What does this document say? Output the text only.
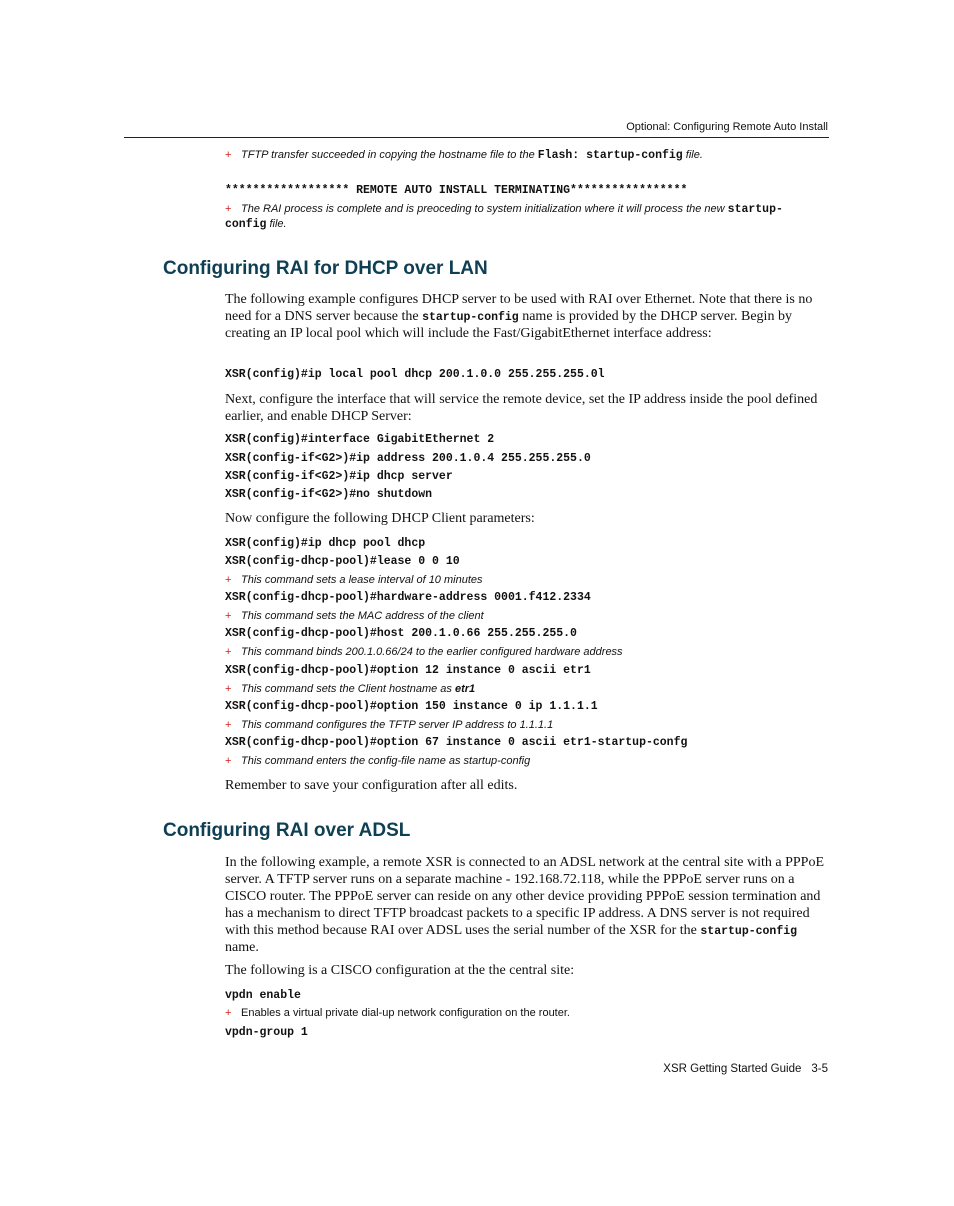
Optional: Configuring Remote Auto Install
+ TFTP transfer succeeded in copying the hostname file to the Flash: startup-config file.
****************** REMOTE AUTO INSTALL TERMINATING*****************
+ The RAI process is complete and is preoceding to system initialization where it will process the new startup-
config file.
Configuring RAI for DHCP over LAN
The following example configures DHCP server to be used with RAI over Ethernet. Note that there is no need for a DNS server because the startup-config name is provided by the DHCP server. Begin by creating an IP local pool which will include the Fast/GigabitEthernet interface address:
XSR(config)#ip local pool dhcp 200.1.0.0 255.255.255.0l
Next, configure the interface that will service the remote device, set the IP address inside the pool defined earlier, and enable DHCP Server:
XSR(config)#interface GigabitEthernet 2
XSR(config-if<G2>)#ip address 200.1.0.4 255.255.255.0
XSR(config-if<G2>)#ip dhcp server
XSR(config-if<G2>)#no shutdown
Now configure the following DHCP Client parameters:
XSR(config)#ip dhcp pool dhcp
XSR(config-dhcp-pool)#lease 0 0 10
+ This command sets a lease interval of 10 minutes
XSR(config-dhcp-pool)#hardware-address 0001.f412.2334
+ This command sets the MAC address of the client
XSR(config-dhcp-pool)#host 200.1.0.66 255.255.255.0
+ This command binds 200.1.0.66/24 to the earlier configured hardware address
XSR(config-dhcp-pool)#option 12 instance 0 ascii etr1
+ This command sets the Client hostname as etr1
XSR(config-dhcp-pool)#option 150 instance 0 ip 1.1.1.1
+ This command configures the TFTP server IP address to 1.1.1.1
XSR(config-dhcp-pool)#option 67 instance 0 ascii etr1-startup-confg
+ This command enters the config-file name as startup-config
Remember to save your configuration after all edits.
Configuring RAI over ADSL
In the following example, a remote XSR is connected to an ADSL network at the central site with a PPPoE server. A TFTP server runs on a separate machine - 192.168.72.118, while the PPPoE server runs on a CISCO router. The PPPoE server can reside on any other device providing PPPoE session termination and has a mechanism to direct TFTP broadcast packets to a specific IP address. A DNS server is not required with this method because RAI over ADSL uses the serial number of the XSR for the startup-config name.
The following is a CISCO configuration at the the central site:
vpdn enable
+ Enables a virtual private dial-up network configuration on the router.
vpdn-group 1
XSR Getting Started Guide 3-5
